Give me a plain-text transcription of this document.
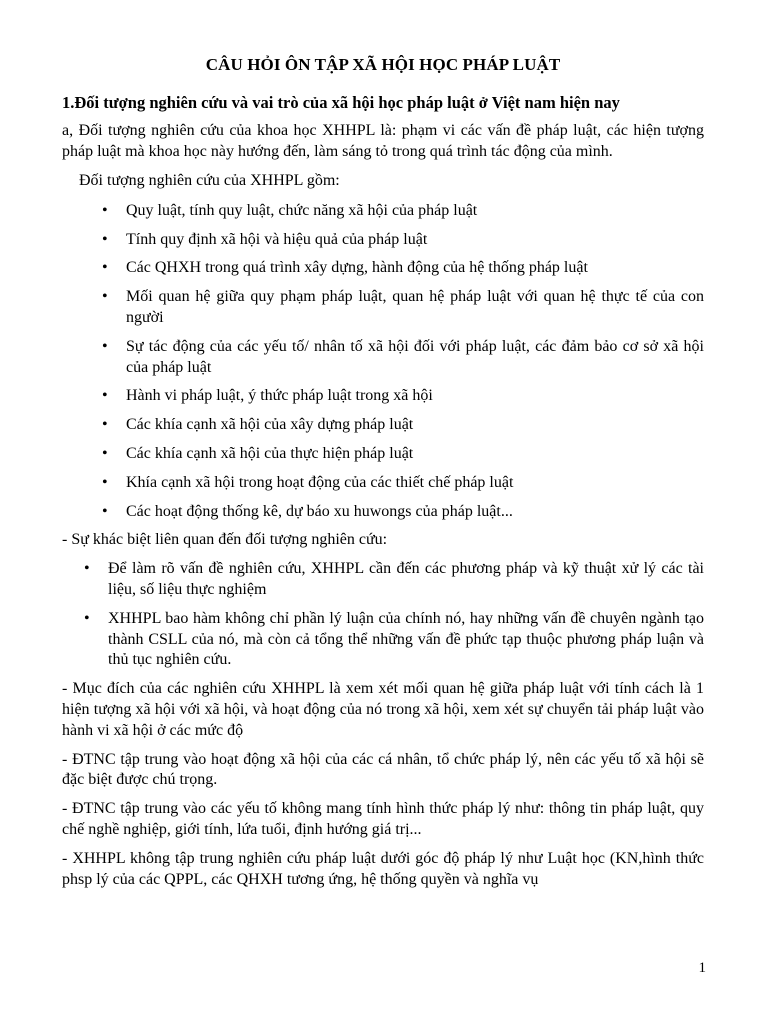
CÂU HỎI ÔN TẬP XÃ HỘI HỌC PHÁP LUẬT
1.Đối tượng nghiên cứu và vai trò của xã hội học pháp luật ở Việt nam hiện nay

a, Đối tượng nghiên cứu của khoa học XHHPL là: phạm vi các vấn đề pháp luật, các hiện tượng pháp luật mà khoa học này hướng đến, làm sáng tỏ trong quá trình tác động của mình.

Đối tượng nghiên cứu của XHHPL gồm:

• Quy luật, tính quy luật, chức năng xã hội của pháp luật
• Tính quy định xã hội và hiệu quả của pháp luật
• Các QHXH trong quá trình xây dựng, hành động của hệ thống pháp luật
• Mối quan hệ giữa quy phạm pháp luật, quan hệ pháp luật với quan hệ thực tế của con người
• Sự tác động của các yếu tố/ nhân tố xã hội đối với pháp luật, các đảm bảo cơ sở xã hội của pháp luật
• Hành vi pháp luật, ý thức pháp luật trong xã hội
• Các khía cạnh xã hội của xây dựng pháp luật
• Các khía cạnh xã hội của thực hiện pháp luật
• Khía cạnh xã hội trong hoạt động của các thiết chế pháp luật
• Các hoạt động thống kê, dự báo xu huwongs của pháp luật...

- Sự khác biệt liên quan đến đối tượng nghiên cứu:

• Để làm rõ vấn đề nghiên cứu, XHHPL cần đến các phương pháp và kỹ thuật xử lý các tài liệu, số liệu thực nghiệm
• XHHPL bao hàm không chỉ phần lý luận của chính nó, hay những vấn đề chuyên ngành tạo thành CSLL của nó, mà còn cả tổng thể những vấn đề phức tạp thuộc phương pháp luận và thủ tục nghiên cứu.

- Mục đích của các nghiên cứu XHHPL là xem xét mối quan hệ giữa pháp luật với tính cách là 1 hiện tượng xã hội với xã hội, và hoạt động của nó trong xã hội, xem xét sự chuyển tải pháp luật vào hành vi xã hội ở các mức độ

- ĐTNC tập trung vào hoạt động xã hội của các cá nhân, tổ chức pháp lý, nên các yếu tố xã hội sẽ đặc biệt được chú trọng.

- ĐTNC tập trung vào các yếu tố không mang tính hình thức pháp lý như: thông tin pháp luật, quy chế nghề nghiệp, giới tính, lứa tuổi, định hướng giá trị...

- XHHPL không tập trung nghiên cứu pháp luật dưới góc độ pháp lý như Luật học (KN,hình thức phsp lý của các QPPL, các QHXH tương ứng, hệ thống quyền và nghĩa vụ

1
